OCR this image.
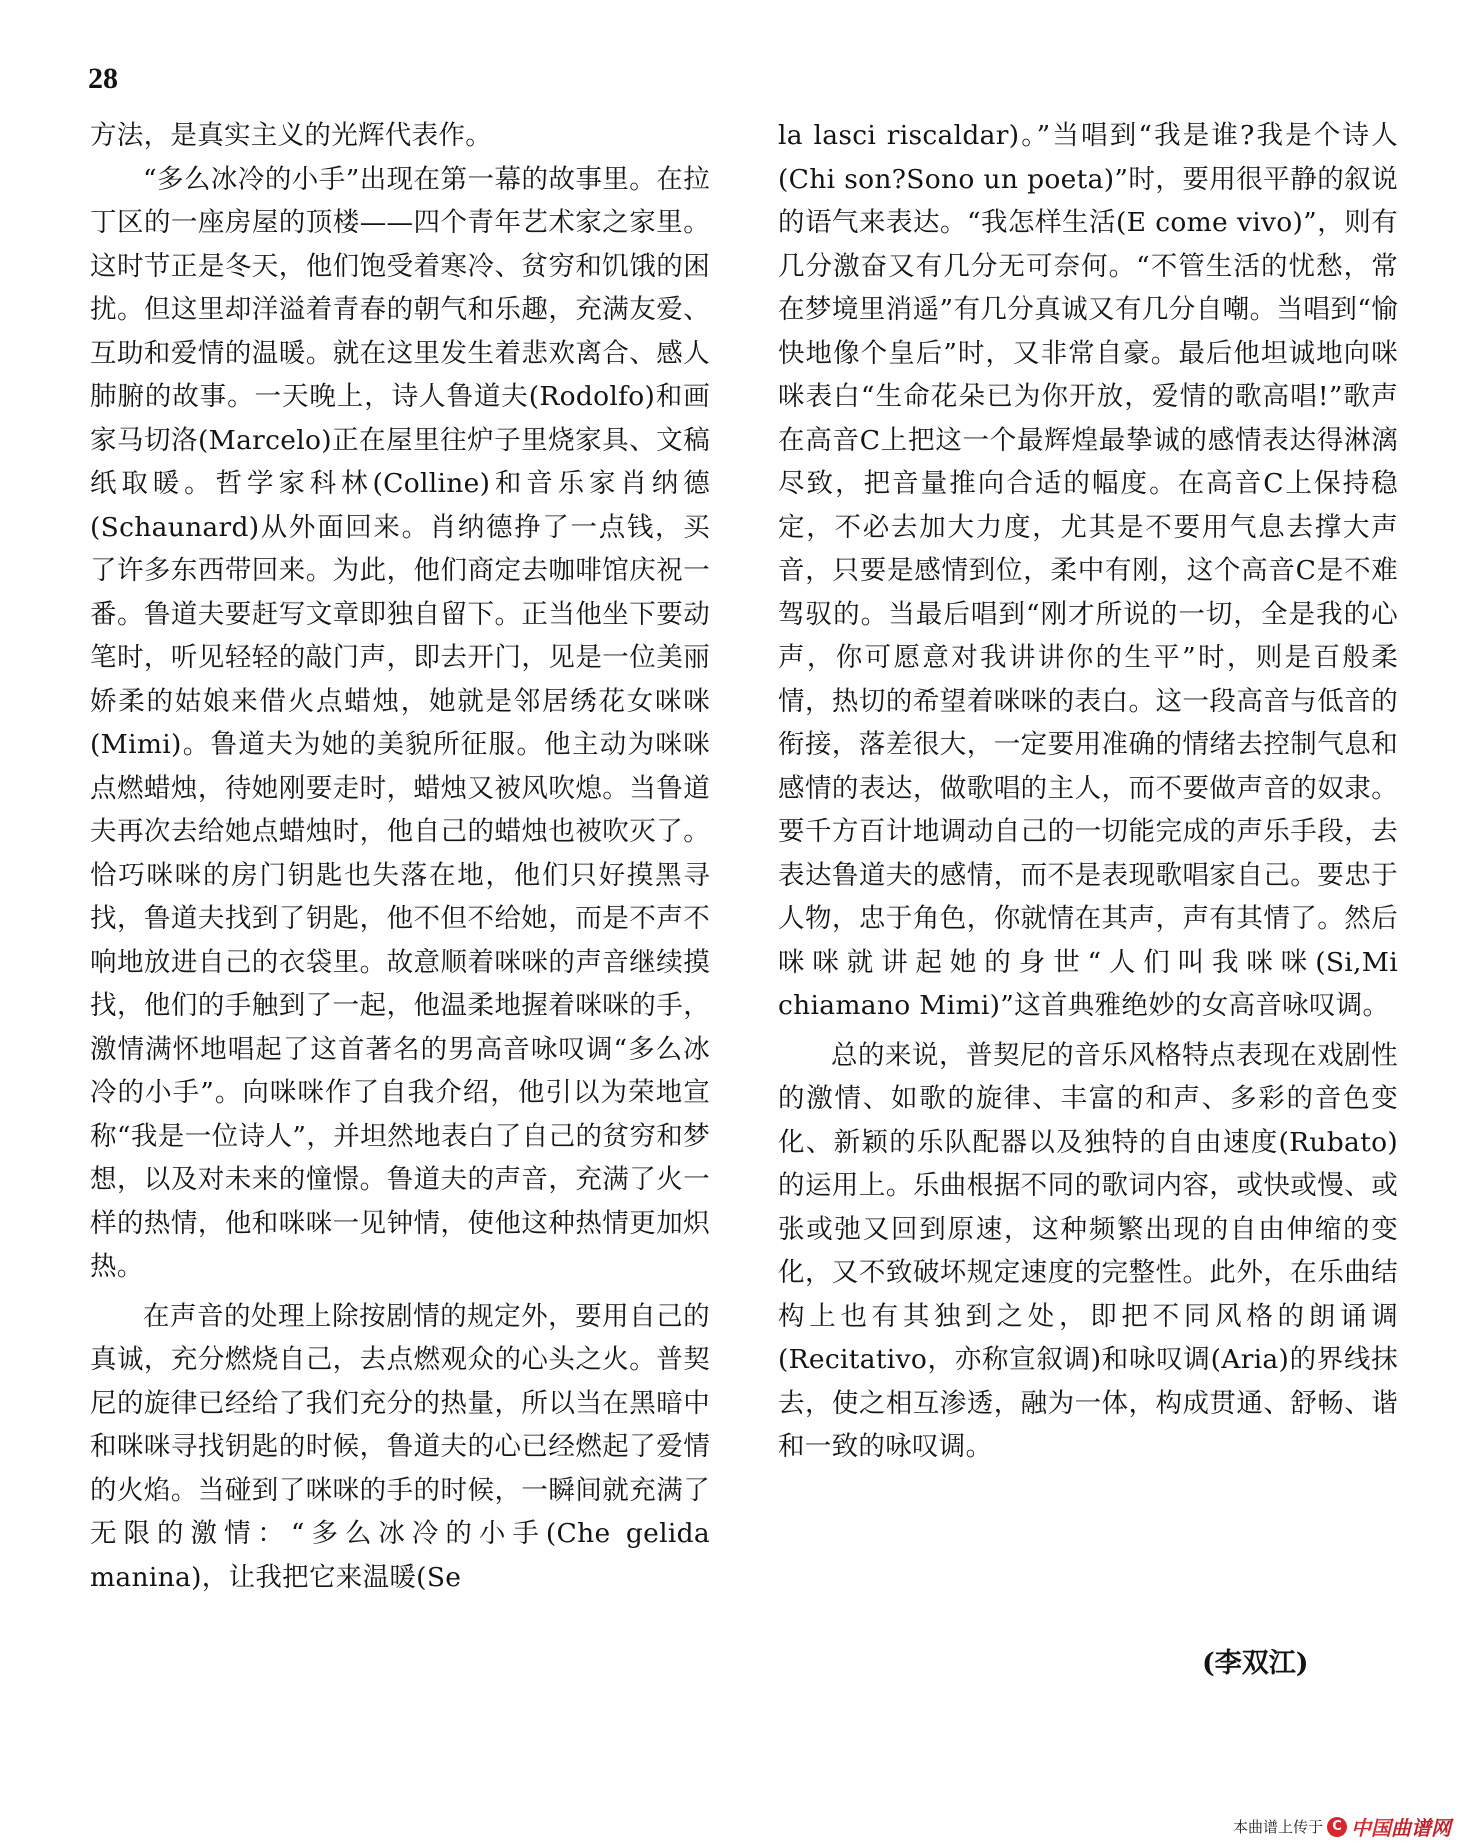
28

方法，是真实主义的光辉代表作。

“多么冰冷的小手”出现在第一幕的故事里。在拉丁区的一座房屋的顶楼——四个青年艺术家之家里。这时节正是冬天，他们饱受着寒冷、贫穷和饥饿的困扰。但这里却洋溢着青春的朝气和乐趣，充满友爱、互助和爱情的温暖。就在这里发生着悲欢离合、感人肺腑的故事。一天晚上，诗人鲁道夫(Rodolfo)和画家马切洛(Marcelo)正在屋里往炉子里烧家具、文稿纸取暖。哲学家科林(Colline)和音乐家肖纳德(Schaunard)从外面回来。肖纳德挣了一点钱，买了许多东西带回来。为此，他们商定去咖啡馆庆祝一番。鲁道夫要赶写文章即独自留下。正当他坐下要动笔时，听见轻轻的敲门声，即去开门，见是一位美丽娇柔的姑娘来借火点蜡烛，她就是邻居绣花女咪咪(Mimi)。鲁道夫为她的美貌所征服。他主动为咪咪点燃蜡烛，待她刚要走时，蜡烛又被风吹熄。当鲁道夫再次去给她点蜡烛时，他自己的蜡烛也被吹灭了。恰巧咪咪的房门钥匙也失落在地，他们只好摸黑寻找，鲁道夫找到了钥匙，他不但不给她，而是不声不响地放进自己的衣袋里。故意顺着咪咪的声音继续摸找，他们的手触到了一起，他温柔地握着咪咪的手，激情满怀地唱起了这首著名的男高音咏叹调“多么冰冷的小手”。向咪咪作了自我介绍，他引以为荣地宣称“我是一位诗人”，并坦然地表白了自己的贫穷和梦想，以及对未来的憧憬。鲁道夫的声音，充满了火一样的热情，他和咪咪一见钟情，使他这种热情更加炽热。

在声音的处理上除按剧情的规定外，要用自己的真诚，充分燃烧自己，去点燃观众的心头之火。普契尼的旋律已经给了我们充分的热量，所以当在黑暗中和咪咪寻找钥匙的时候，鲁道夫的心已经燃起了爱情的火焰。当碰到了咪咪的手的时候，一瞬间就充满了无限的激情：“多么冰冷的小手(Che gelida manina)，让我把它来温暖(Se

la lasci riscaldar)。”当唱到“我是谁?我是个诗人(Chi son?Sono un poeta)”时，要用很平静的叙说的语气来表达。“我怎样生活(E come vivo)”，则有几分激奋又有几分无可奈何。“不管生活的忧愁，常在梦境里消遥”有几分真诚又有几分自嘲。当唱到“愉快地像个皇后”时，又非常自豪。最后他坦诚地向咪咪表白“生命花朵已为你开放，爱情的歌高唱!”歌声在高音C上把这一个最辉煌最挚诚的感情表达得淋漓尽致，把音量推向合适的幅度。在高音C上保持稳定，不必去加大力度，尤其是不要用气息去撑大声音，只要是感情到位，柔中有刚，这个高音C是不难驾驭的。当最后唱到“刚才所说的一切，全是我的心声，你可愿意对我讲讲你的生平”时，则是百般柔情，热切的希望着咪咪的表白。这一段高音与低音的衔接，落差很大，一定要用准确的情绪去控制气息和感情的表达，做歌唱的主人，而不要做声音的奴隶。要千方百计地调动自己的一切能完成的声乐手段，去表达鲁道夫的感情，而不是表现歌唱家自己。要忠于人物，忠于角色，你就情在其声，声有其情了。然后咪咪就讲起她的身世“人们叫我咪咪(Si,Mi chiamano Mimi)”这首典雅绝妙的女高音咏叹调。

总的来说，普契尼的音乐风格特点表现在戏剧性的激情、如歌的旋律、丰富的和声、多彩的音色变化、新颖的乐队配器以及独特的自由速度(Rubato)的运用上。乐曲根据不同的歌词内容，或快或慢、或张或弛又回到原速，这种频繁出现的自由伸缩的变化，又不致破坏规定速度的完整性。此外，在乐曲结构上也有其独到之处，即把不同风格的朗诵调(Recitativo，亦称宣叙调)和咏叹调(Aria)的界线抹去，使之相互渗透，融为一体，构成贯通、舒畅、谐和一致的咏叹调。

(李双江)
本曲谱上传于 C 中国曲谱网
